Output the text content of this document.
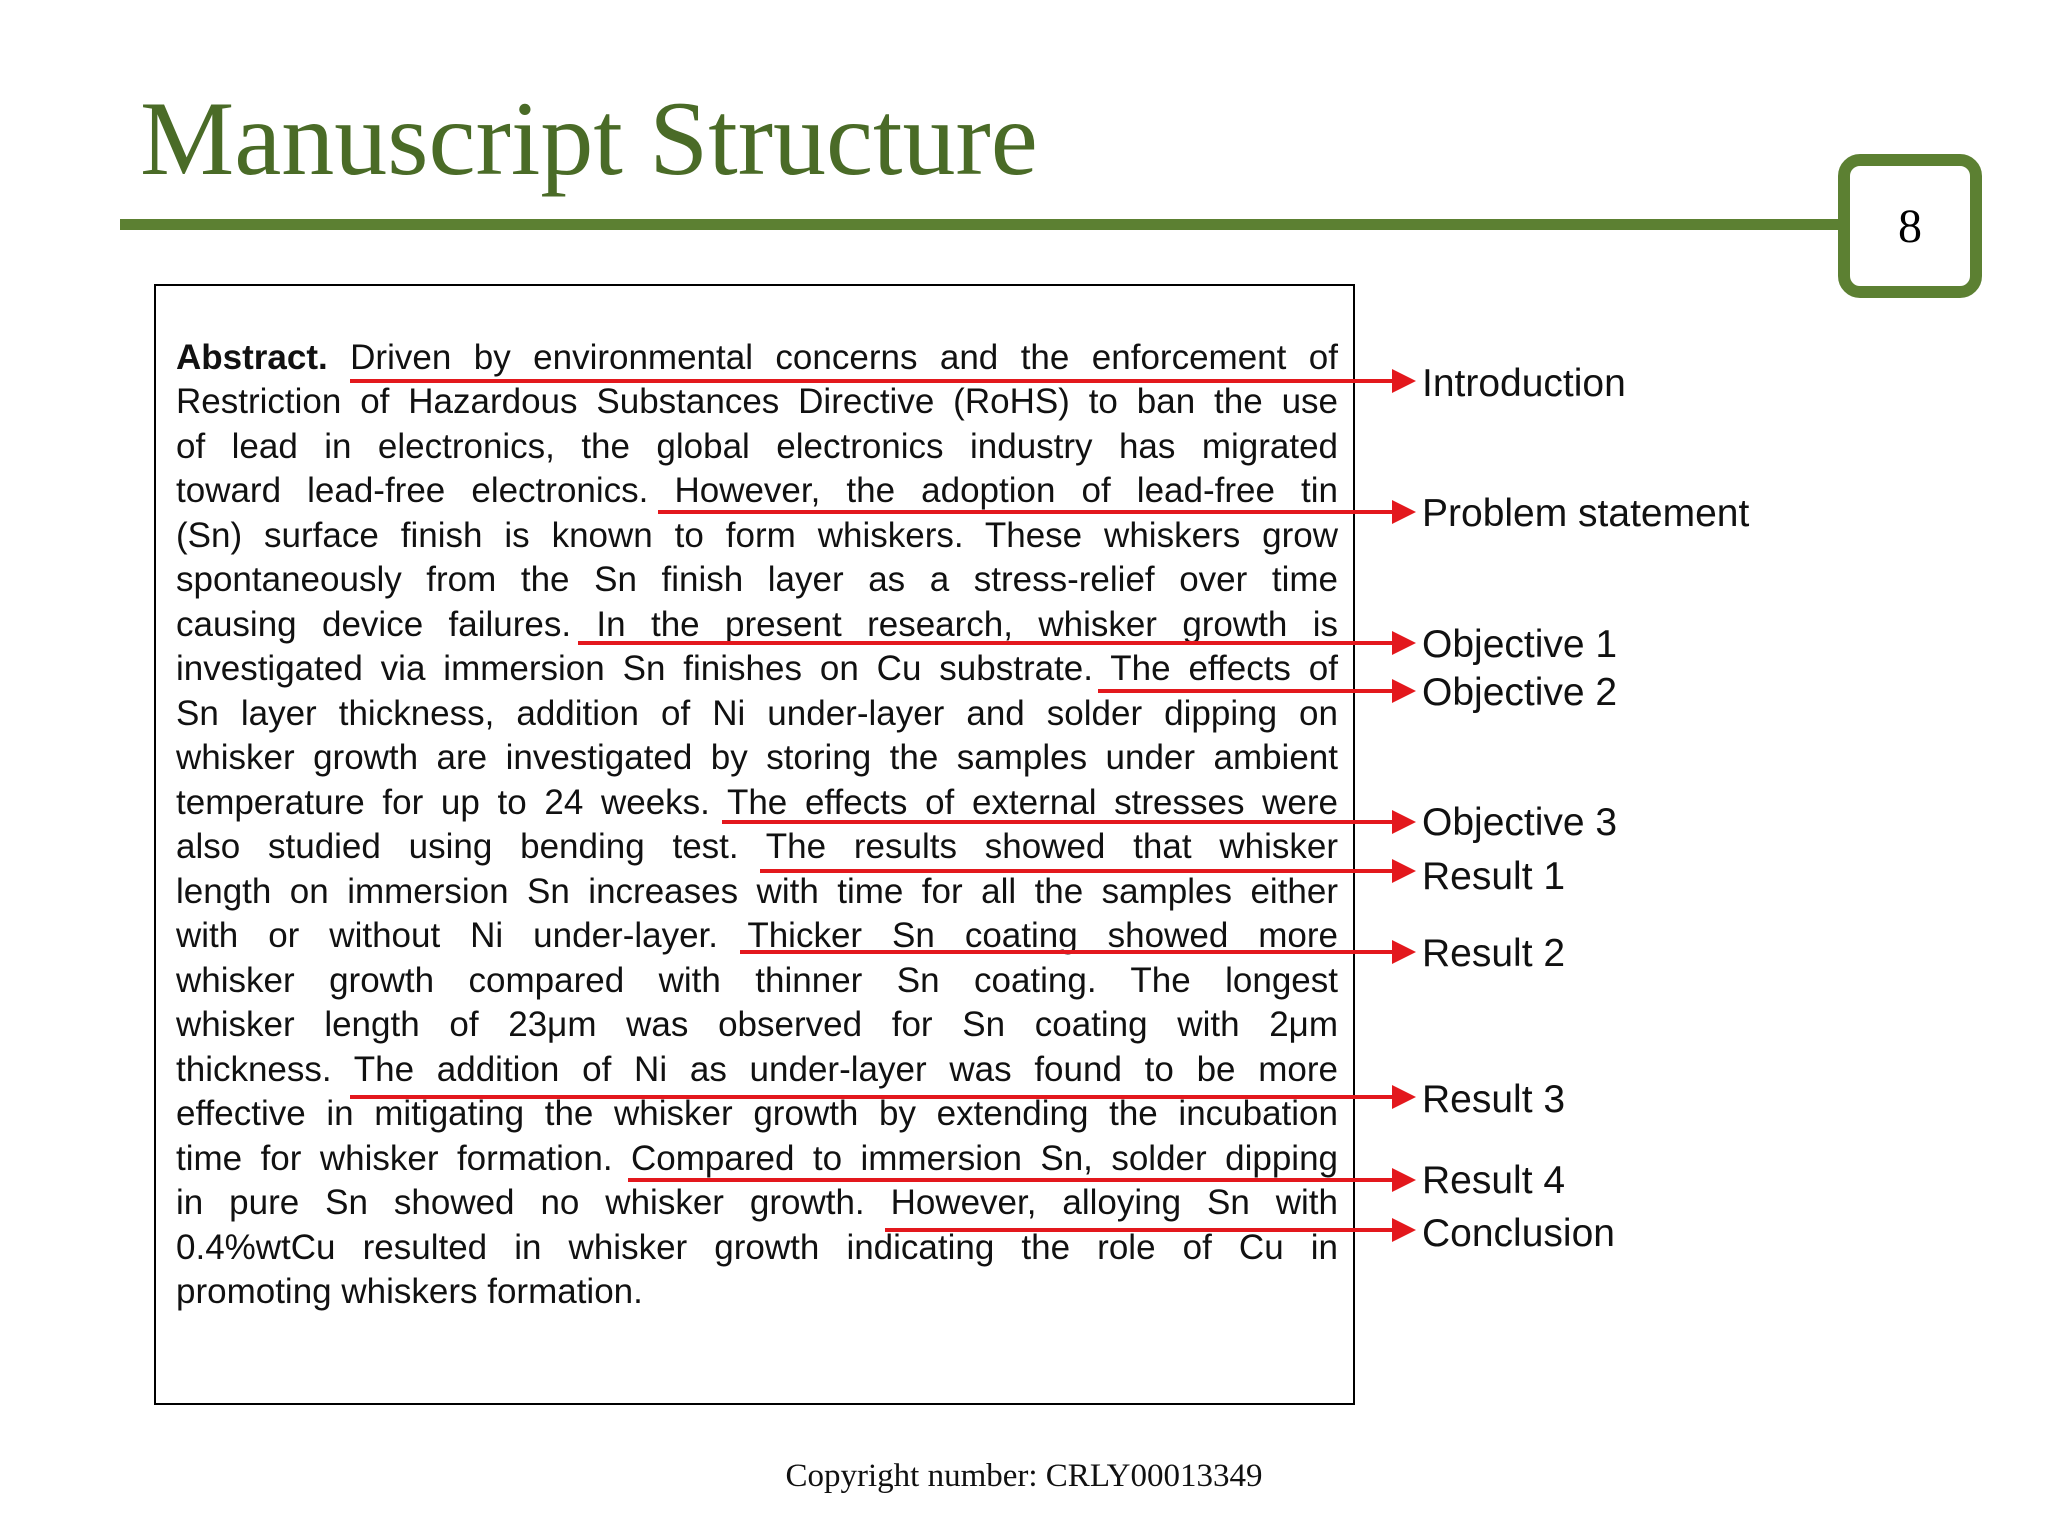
Manuscript Structure
8
Abstract. Driven by environmental concerns and the enforcement of
Restriction of Hazardous Substances Directive (RoHS) to ban the use
of lead in electronics, the global electronics industry has migrated
toward lead-free electronics. However, the adoption of lead-free tin
(Sn) surface finish is known to form whiskers. These whiskers grow
spontaneously from the Sn finish layer as a stress-relief over time
causing device failures. In the present research, whisker growth is
investigated via immersion Sn finishes on Cu substrate. The effects of
Sn layer thickness, addition of Ni under-layer and solder dipping on
whisker growth are investigated by storing the samples under ambient
temperature for up to 24 weeks. The effects of external stresses were
also studied using bending test. The results showed that whisker
length on immersion Sn increases with time for all the samples either
with or without Ni under-layer. Thicker Sn coating showed more
whisker growth compared with thinner Sn coating. The longest
whisker length of 23μm was observed for Sn coating with 2μm
thickness. The addition of Ni as under-layer was found to be more
effective in mitigating the whisker growth by extending the incubation
time for whisker formation. Compared to immersion Sn, solder dipping
in pure Sn showed no whisker growth. However, alloying Sn with
0.4%wtCu resulted in whisker growth indicating the role of Cu in
promoting whiskers formation.
Introduction
Problem statement
Objective 1
Objective 2
Objective 3
Result 1
Result 2
Result 3
Result 4
Conclusion
Copyright number: CRLY00013349
